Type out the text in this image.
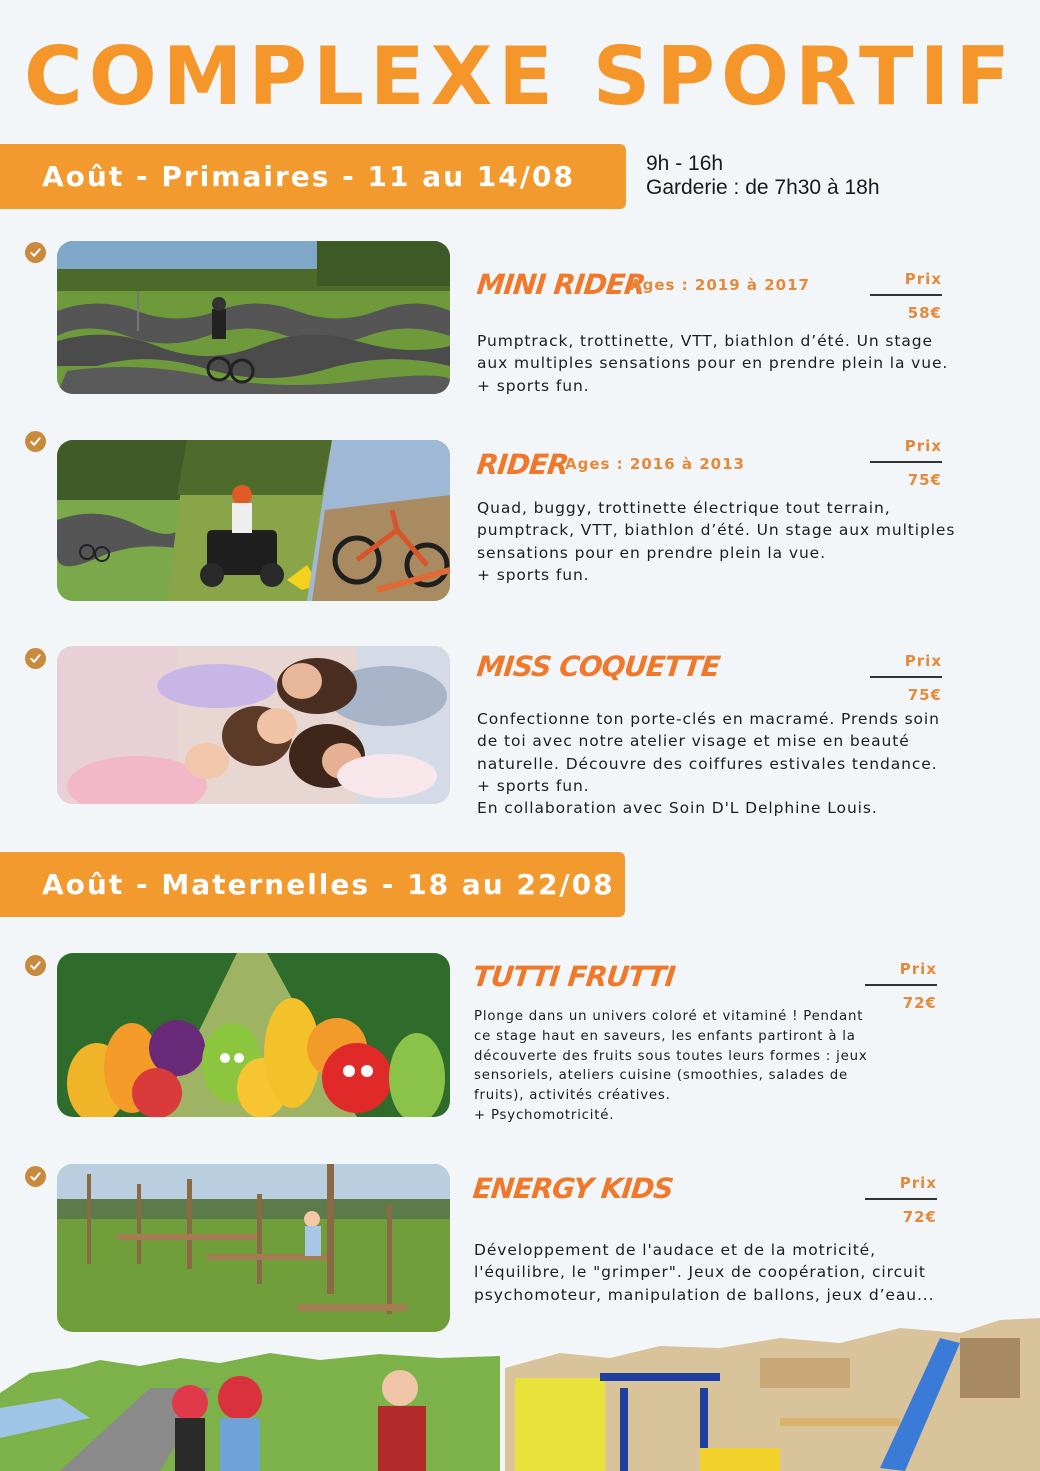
COMPLEXE SPORTIF
Août - Primaires - 11 au 14/08	9h - 16h
Garderie : de 7h30 à 18h
MINI RIDER
Ages : 2019 à 2017	Prix
58€

Pumptrack, trottinette, VTT, biathlon d’été. Un stage

aux multiples sensations pour en prendre plein la vue.

+ sports fun.

RIDER
Ages : 2016 à 2013
Prix
75€

Quad, buggy, trottinette électrique tout terrain,

pumptrack, VTT, biathlon d’été. Un stage aux multiples

sensations pour en prendre plein la vue.

+ sports fun.

MISS COQUETTE	Prix
75€

Confectionne ton porte-clés en macramé. Prends soin

de toi avec notre atelier visage et mise en beauté

naturelle. Découvre des coiffures estivales tendance.

+ sports fun.

En collaboration avec Soin D'L Delphine Louis.

Août - Maternelles - 18 au 22/08
TUTTI FRUTTI	Prix
72€

Plonge dans un univers coloré et vitaminé ! Pendant

ce stage haut en saveurs, les enfants partiront à la

découverte des fruits sous toutes leurs formes : jeux

sensoriels, ateliers cuisine (smoothies, salades de

fruits), activités créatives.

+ Psychomotricité.

ENERGY KIDS	Prix
72€

Développement de l'audace et de la motricité,

l'équilibre, le "grimper". Jeux de coopération, circuit

psychomoteur, manipulation de ballons, jeux d’eau...
